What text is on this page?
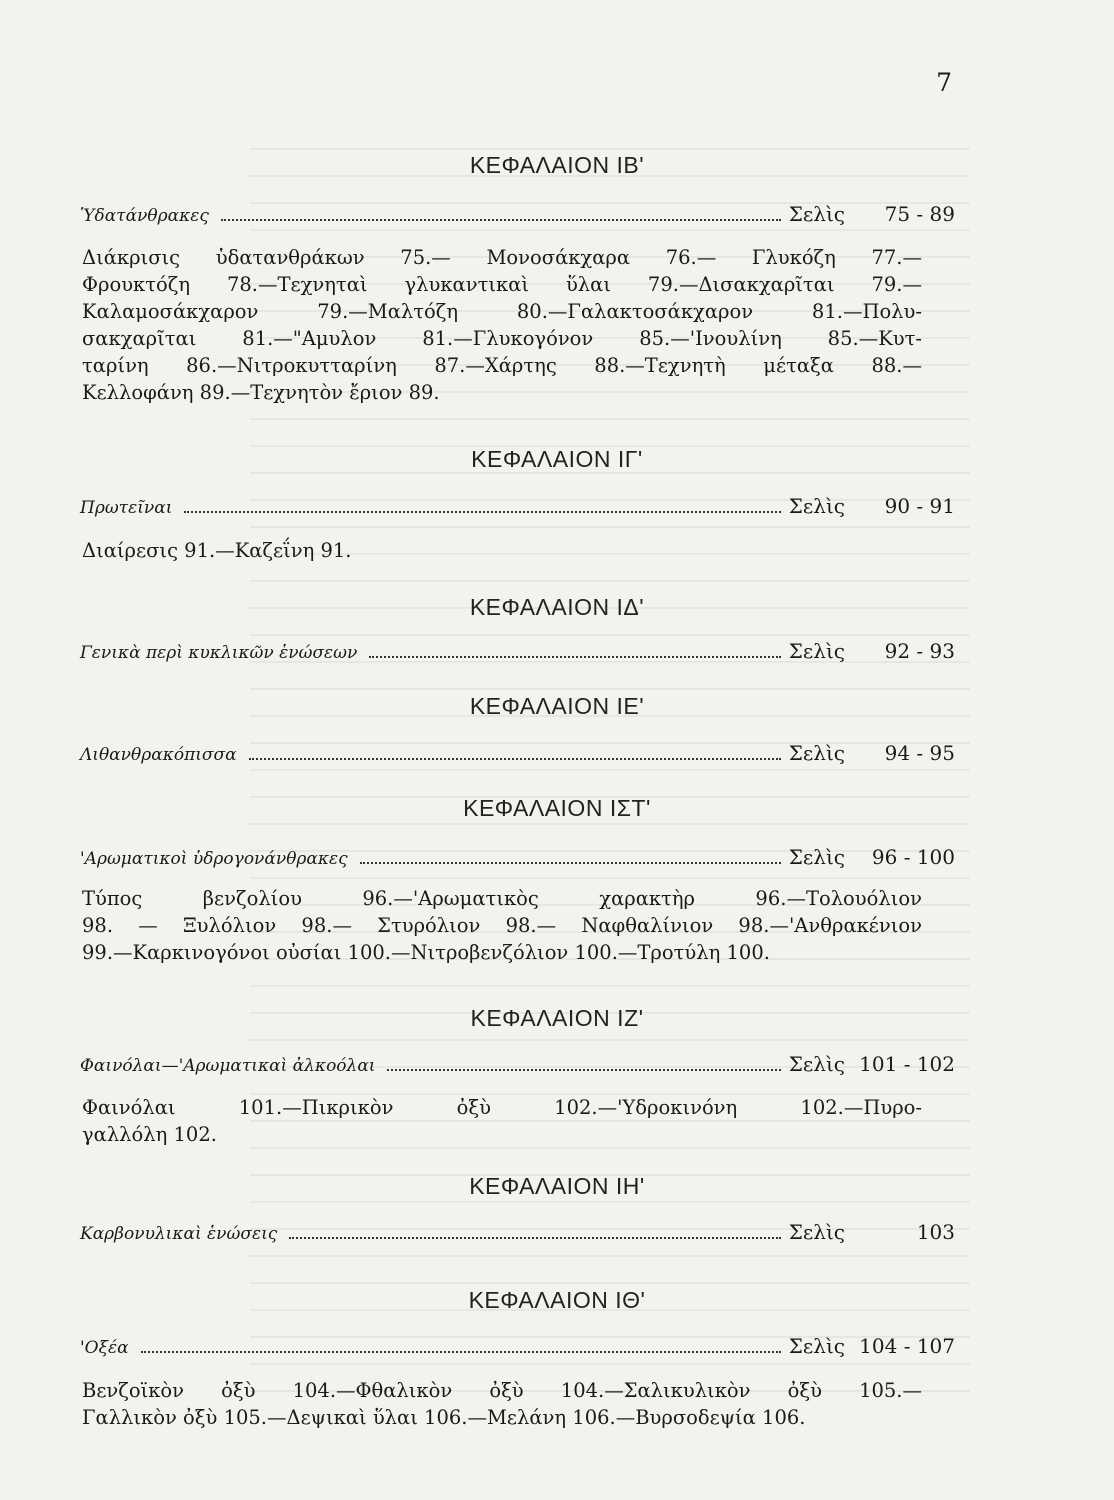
7
ΚΕΦΑΛΑΙΟΝ ΙΒ'
Ὑδατάνθρακες	Σελὶς	75 - 89
Διάκρισις ὑδατανθράκων 75.— Μονοσάκχαρα 76.— Γλυκόζη 77.—
Φρουκτόζη 78.—Τεχνηταὶ γλυκαντικαὶ ὕλαι 79.—Δισακχαρῖται 79.—
Καλαμοσάκχαρον 79.—Μαλτόζη 80.—Γαλακτοσάκχαρον 81.—Πολυ-
σακχαρῖται 81.—"Αμυλον 81.—Γλυκογόνον 85.—'Ινουλίνη 85.—Κυτ-
ταρίνη 86.—Νιτροκυτταρίνη 87.—Χάρτης 88.—Τεχνητὴ μέταξα 88.—
Κελλοφάνη 89.—Τεχνητὸν ἔριον 89.
ΚΕΦΑΛΑΙΟΝ ΙΓ'
Πρωτεῖναι	Σελὶς	90 - 91
Διαίρεσις 91.—Καζεΐνη 91.
ΚΕΦΑΛΑΙΟΝ ΙΔ'
Γενικὰ περὶ κυκλικῶν ἑνώσεων	Σελὶς	92 - 93
ΚΕΦΑΛΑΙΟΝ ΙΕ'
Λιθανθρακόπισσα	Σελὶς	94 - 95
ΚΕΦΑΛΑΙΟΝ ΙΣΤ'
'Αρωματικοὶ ὑδρογονάνθρακες	Σελὶς	96 - 100
Τύπος βενζολίου 96.—'Αρωματικὸς χαρακτὴρ 96.—Τολουόλιον
98. — Ξυλόλιον 98.— Στυρόλιον 98.— Ναφθαλίνιον 98.—'Ανθρακένιον
99.—Καρκινογόνοι οὐσίαι 100.—Νιτροβενζόλιον 100.—Τροτύλη 100.
ΚΕΦΑΛΑΙΟΝ ΙΖ'
Φαινόλαι—'Αρωματικαὶ ἀλκοόλαι	Σελὶς 101 - 102
Φαινόλαι 101.—Πικρικὸν ὀξὺ 102.—'Υδροκινόνη 102.—Πυρο-
γαλλόλη 102.
ΚΕΦΑΛΑΙΟΝ ΙΗ'
Καρβονυλικαὶ ἑνώσεις	Σελὶς	103
ΚΕΦΑΛΑΙΟΝ ΙΘ'
'Οξέα	Σελὶς 104 - 107
Βενζοϊκὸν ὀξὺ 104.—Φθαλικὸν ὀξὺ 104.—Σαλικυλικὸν ὀξὺ 105.—
Γαλλικὸν ὀξὺ 105.—Δεψικαὶ ὕλαι 106.—Μελάνη 106.—Βυρσοδεψία 106.
